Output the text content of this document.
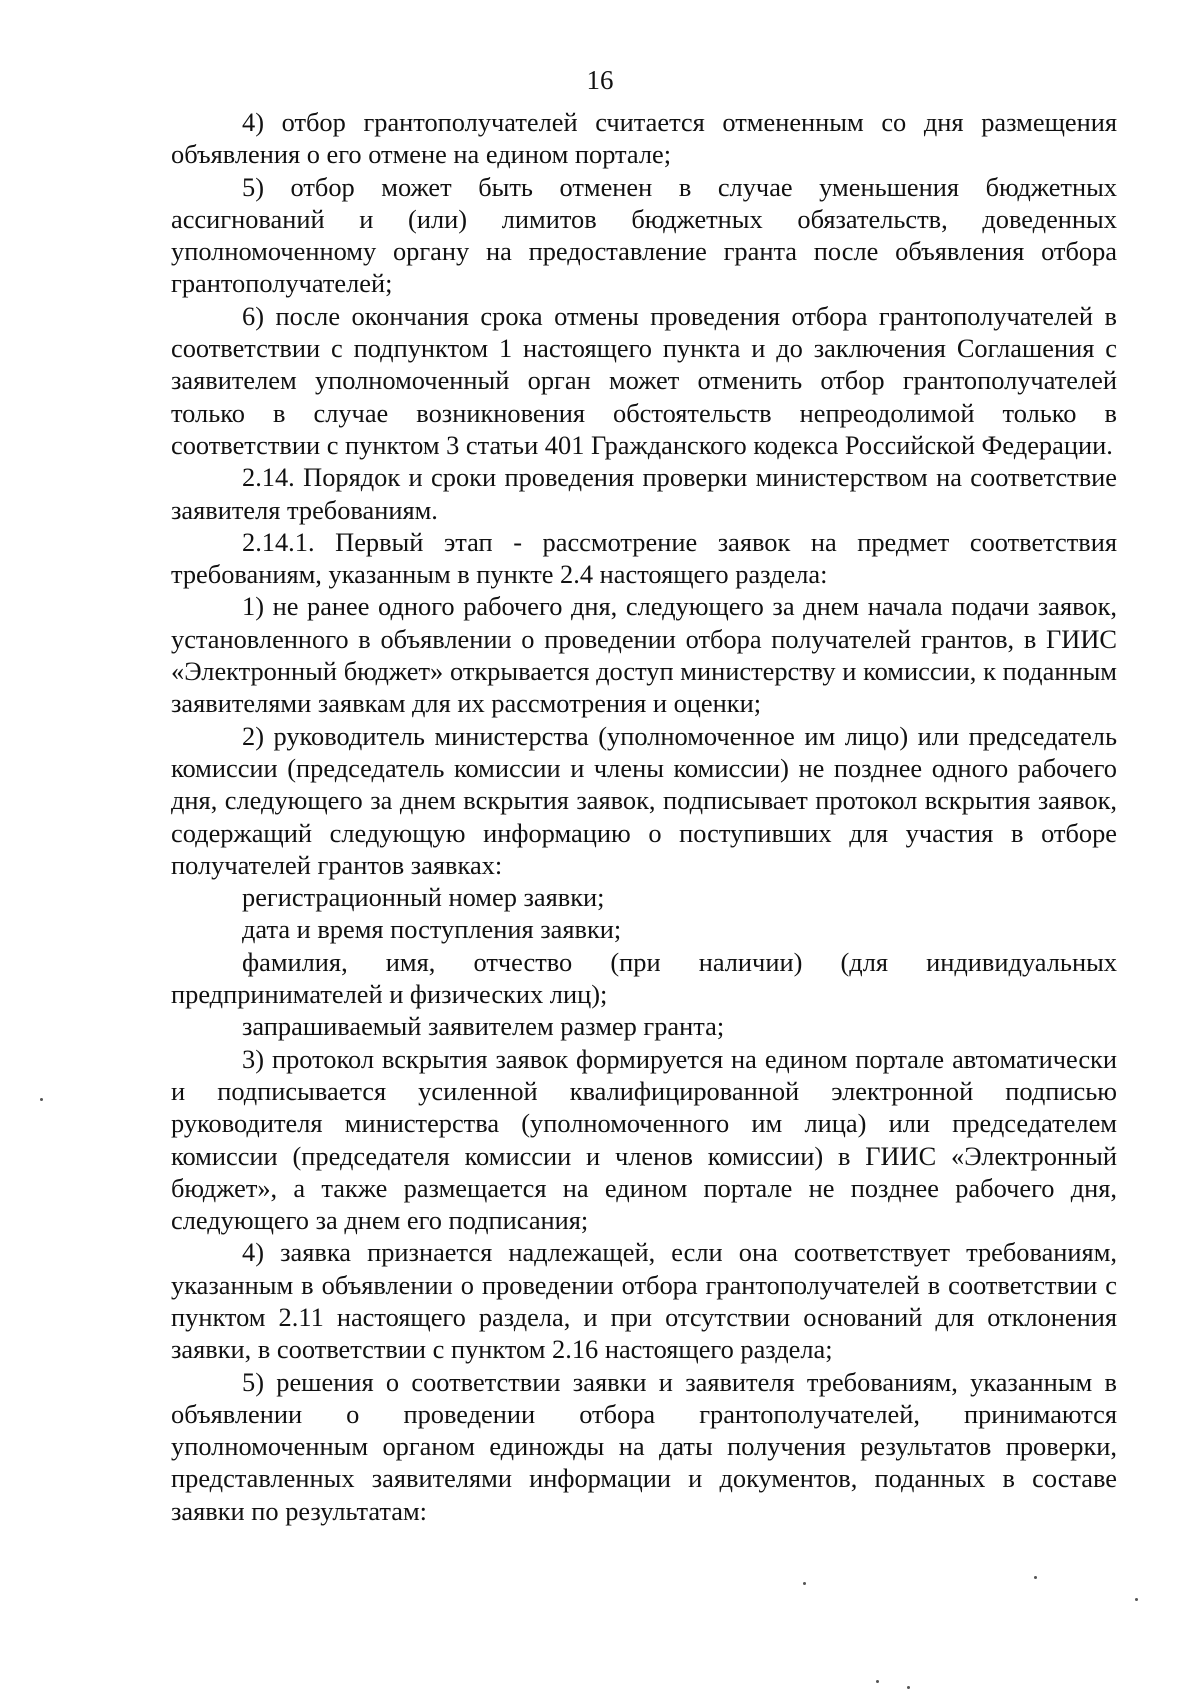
16

4) отбор грантополучателей считается отмененным со дня размещения объявления о его отмене на едином портале;

5) отбор может быть отменен в случае уменьшения бюджетных ассигнований и (или) лимитов бюджетных обязательств, доведенных уполномоченному органу на предоставление гранта после объявления отбора грантополучателей;

6) после окончания срока отмены проведения отбора грантополучателей в соответствии с подпунктом 1 настоящего пункта и до заключения Соглашения с заявителем уполномоченный орган может отменить отбор грантополучателей только в случае возникновения обстоятельств непреодолимой только в соответствии с пунктом 3 статьи 401 Гражданского кодекса Российской Федерации.

2.14. Порядок и сроки проведения проверки министерством на соответствие заявителя требованиям.

2.14.1. Первый этап - рассмотрение заявок на предмет соответствия требованиям, указанным в пункте 2.4 настоящего раздела:

1) не ранее одного рабочего дня, следующего за днем начала подачи заявок, установленного в объявлении о проведении отбора получателей грантов, в ГИИС «Электронный бюджет» открывается доступ министерству и комиссии, к поданным заявителями заявкам для их рассмотрения и оценки;

2) руководитель министерства (уполномоченное им лицо) или председатель комиссии (председатель комиссии и члены комиссии) не позднее одного рабочего дня, следующего за днем вскрытия заявок, подписывает протокол вскрытия заявок, содержащий следующую информацию о поступивших для участия в отборе получателей грантов заявках:

регистрационный номер заявки;

дата и время поступления заявки;

фамилия, имя, отчество (при наличии) (для индивидуальных предпринимателей и физических лиц);

запрашиваемый заявителем размер гранта;

3) протокол вскрытия заявок формируется на едином портале автоматически и подписывается усиленной квалифицированной электронной подписью руководителя министерства (уполномоченного им лица) или председателем комиссии (председателя комиссии и членов комиссии) в ГИИС «Электронный бюджет», а также размещается на едином портале не позднее рабочего дня, следующего за днем его подписания;

4) заявка признается надлежащей, если она соответствует требованиям, указанным в объявлении о проведении отбора грантополучателей в соответствии с пунктом 2.11 настоящего раздела, и при отсутствии оснований для отклонения заявки, в соответствии с пунктом 2.16 настоящего раздела;

5) решения о соответствии заявки и заявителя требованиям, указанным в объявлении о проведении отбора грантополучателей, принимаются уполномоченным органом единожды на даты получения результатов проверки, представленных заявителями информации и документов, поданных в составе заявки по результатам:
